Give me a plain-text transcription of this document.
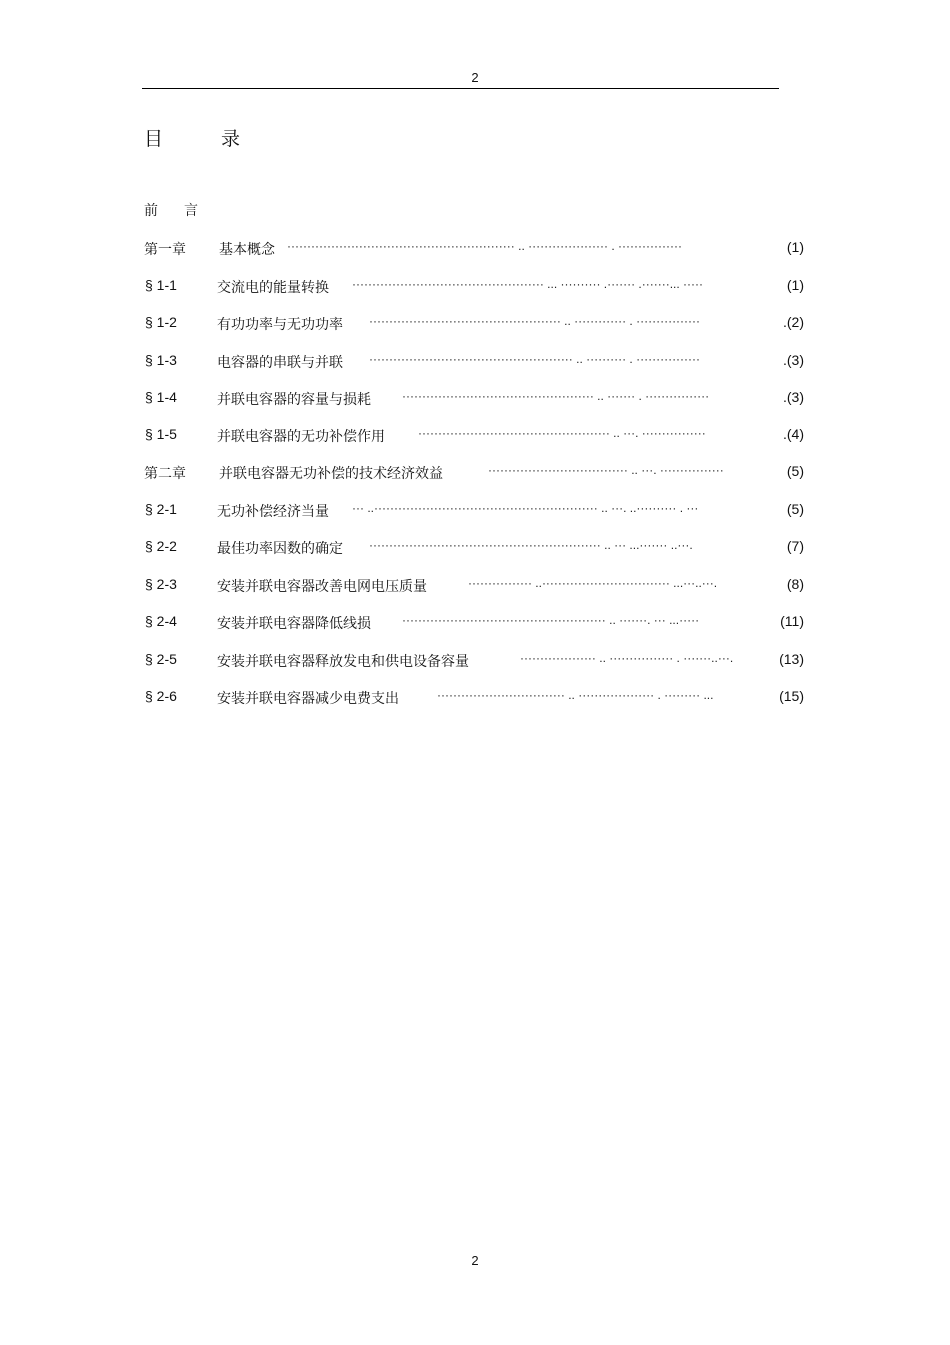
2
目	录
前 言
第一章 基本概念 ························································· .. ···················· . ················	(1)
§ 1-1	交流电的能量转换 ················································ ... ·········· .······· .·······... ·····	(1)
§ 1-2	有功功率与无功功率 ················································ .. ············· . ················	.(2)
§ 1-3	电容器的串联与并联 ··················································· .. ·········· . ················	.(3)
§ 1-4	并联电容器的容量与损耗	················································ .. ······· . ················	.(3)
§ 1-5	并联电容器的无功补偿作用	················································ .. ···. ················	.(4)
第二章 并联电容器无功补偿的技术经济效益	··································· .. ···. ················	(5)
§ 2-1	无功补偿经济当量 ··· ..························································ .. ···. ..·········· . ···	(5)
§ 2-2	最佳功率因数的确定 ·························································· .. ··· ...······· ..···.	(7)
§ 2-3	安装并联电容器改善电网电压质量	················ ..································ ...···..···.	(8)
§ 2-4	安装并联电容器降低线损	··················································· .. ·······. ··· ...·····	(11)
§ 2-5	安装并联电容器释放发电和供电设备容量	··················· .. ················ . ·······..···.	(13)
§ 2-6	安装并联电容器减少电费支出	································ .. ··················· . ········· ...	(15)
2
